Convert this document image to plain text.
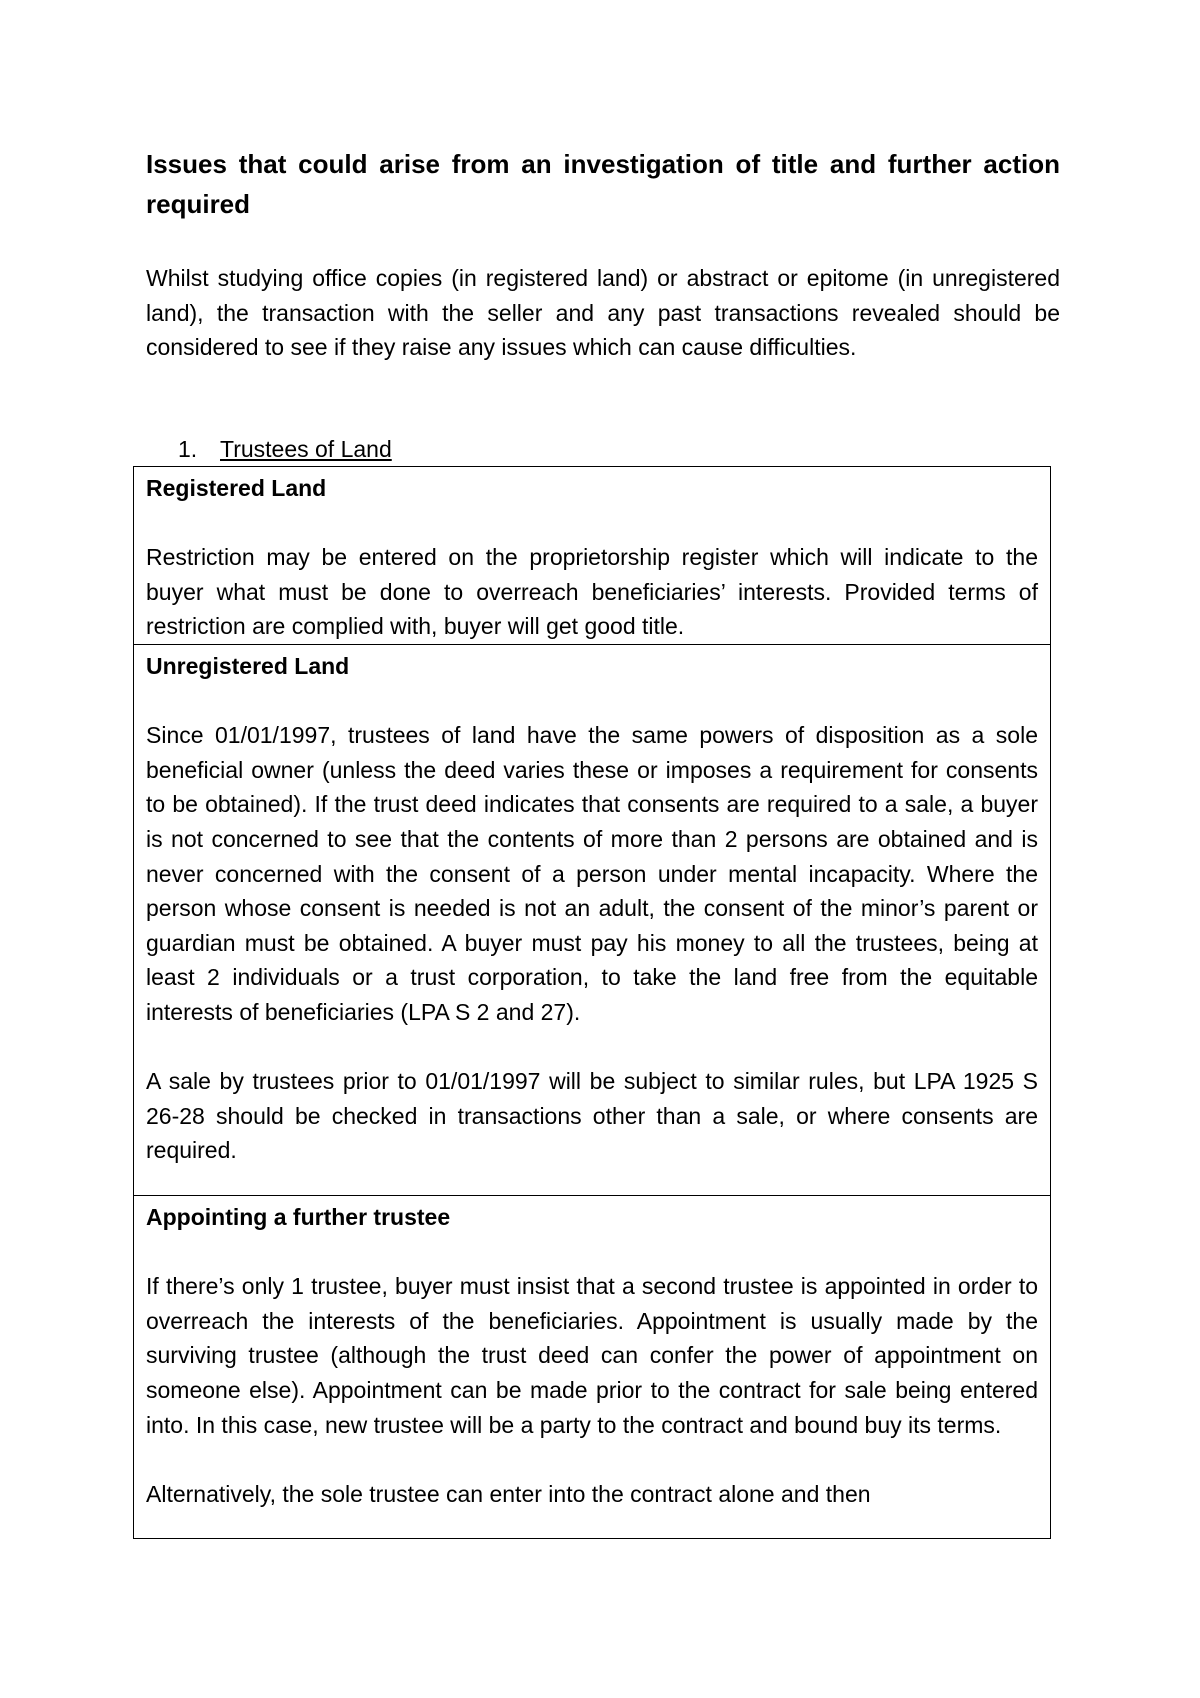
Issues that could arise from an investigation of title and further action required

Whilst studying office copies (in registered land) or abstract or epitome (in unregistered land), the transaction with the seller and any past transactions revealed should be considered to see if they raise any issues which can cause difficulties.

1. Trustees of Land

Registered Land

Restriction may be entered on the proprietorship register which will indicate to the buyer what must be done to overreach beneficiaries’ interests. Provided terms of restriction are complied with, buyer will get good title.

Unregistered Land

Since 01/01/1997, trustees of land have the same powers of disposition as a sole beneficial owner (unless the deed varies these or imposes a requirement for consents to be obtained). If the trust deed indicates that consents are required to a sale, a buyer is not concerned to see that the contents of more than 2 persons are obtained and is never concerned with the consent of a person under mental incapacity. Where the person whose consent is needed is not an adult, the consent of the minor’s parent or guardian must be obtained. A buyer must pay his money to all the trustees, being at least 2 individuals or a trust corporation, to take the land free from the equitable interests of beneficiaries (LPA S 2 and 27).

A sale by trustees prior to 01/01/1997 will be subject to similar rules, but LPA 1925 S 26-28 should be checked in transactions other than a sale, or where consents are required.

Appointing a further trustee

If there’s only 1 trustee, buyer must insist that a second trustee is appointed in order to overreach the interests of the beneficiaries. Appointment is usually made by the surviving trustee (although the trust deed can confer the power of appointment on someone else). Appointment can be made prior to the contract for sale being entered into. In this case, new trustee will be a party to the contract and bound buy its terms.

Alternatively, the sole trustee can enter into the contract alone and then
